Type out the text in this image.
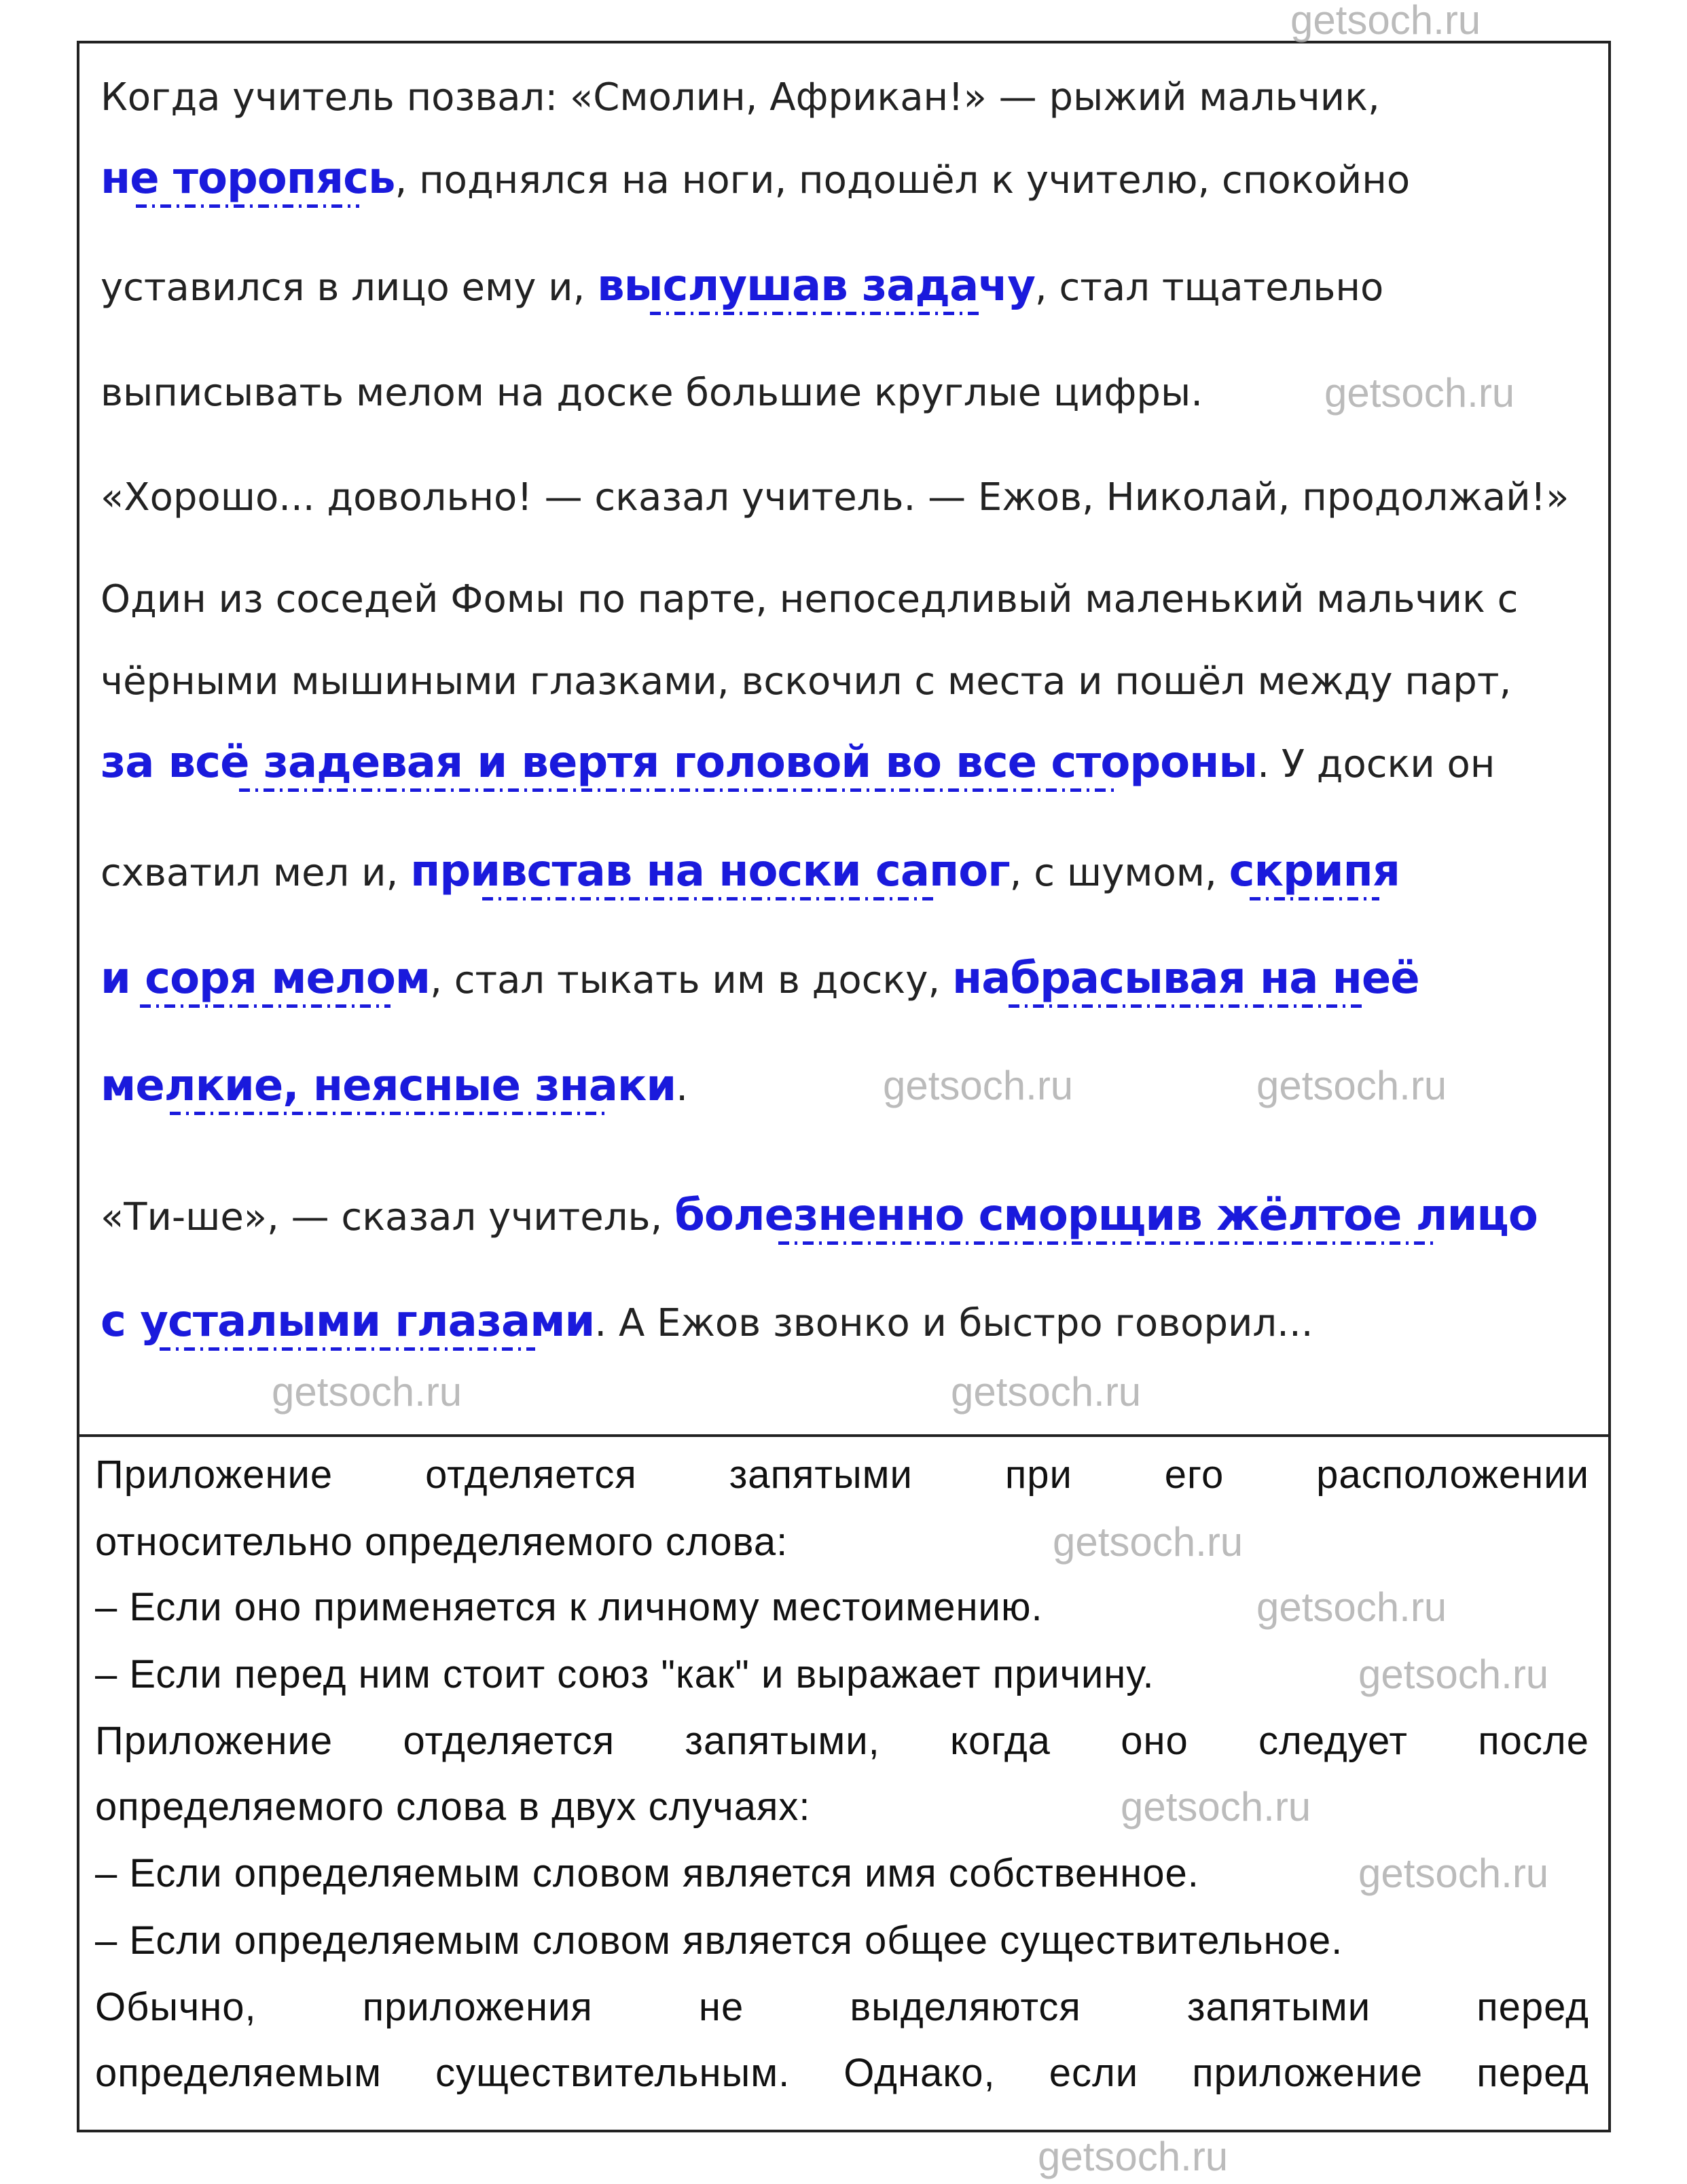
Когда учитель позвал: «Смолин, Африкан!» — рыжий мальчик,
не торопясь, поднялся на ноги, подошёл к учителю, спокойно
уставился в лицо ему и, выслушав задачу, стал тщательно
выписывать мелом на доске большие круглые цифры.
«Хорошо... довольно! — сказал учитель. — Ежов, Николай, продолжай!»
Один из соседей Фомы по парте, непоседливый маленький мальчик с
чёрными мышиными глазками, вскочил с места и пошёл между парт,
за всё задевая и вертя головой во все стороны. У доски он
схватил мел и, привстав на носки сапог, с шумом, скрипя
и соря мелом, стал тыкать им в доску, набрасывая на неё
мелкие, неясные знаки.
«Ти-ше», — сказал учитель, болезненно сморщив жёлтое лицо
с усталыми глазами. А Ежов звонко и быстро говорил...
Приложение отделяется запятыми при его расположении
относительно определяемого слова:
– Если оно применяется к личному местоимению.
– Если перед ним стоит союз "как" и выражает причину.
Приложение отделяется запятыми, когда оно следует после
определяемого слова в двух случаях:
– Если определяемым словом является имя собственное.
– Если определяемым словом является общее существительное.
Обычно, приложения не выделяются запятыми перед
определяемым существительным. Однако, если приложение перед
getsoch.ru
getsoch.ru
getsoch.ru	getsoch.ru
getsoch.ru	getsoch.ru
getsoch.ru
getsoch.ru
getsoch.ru
getsoch.ru
getsoch.ru
getsoch.ru
